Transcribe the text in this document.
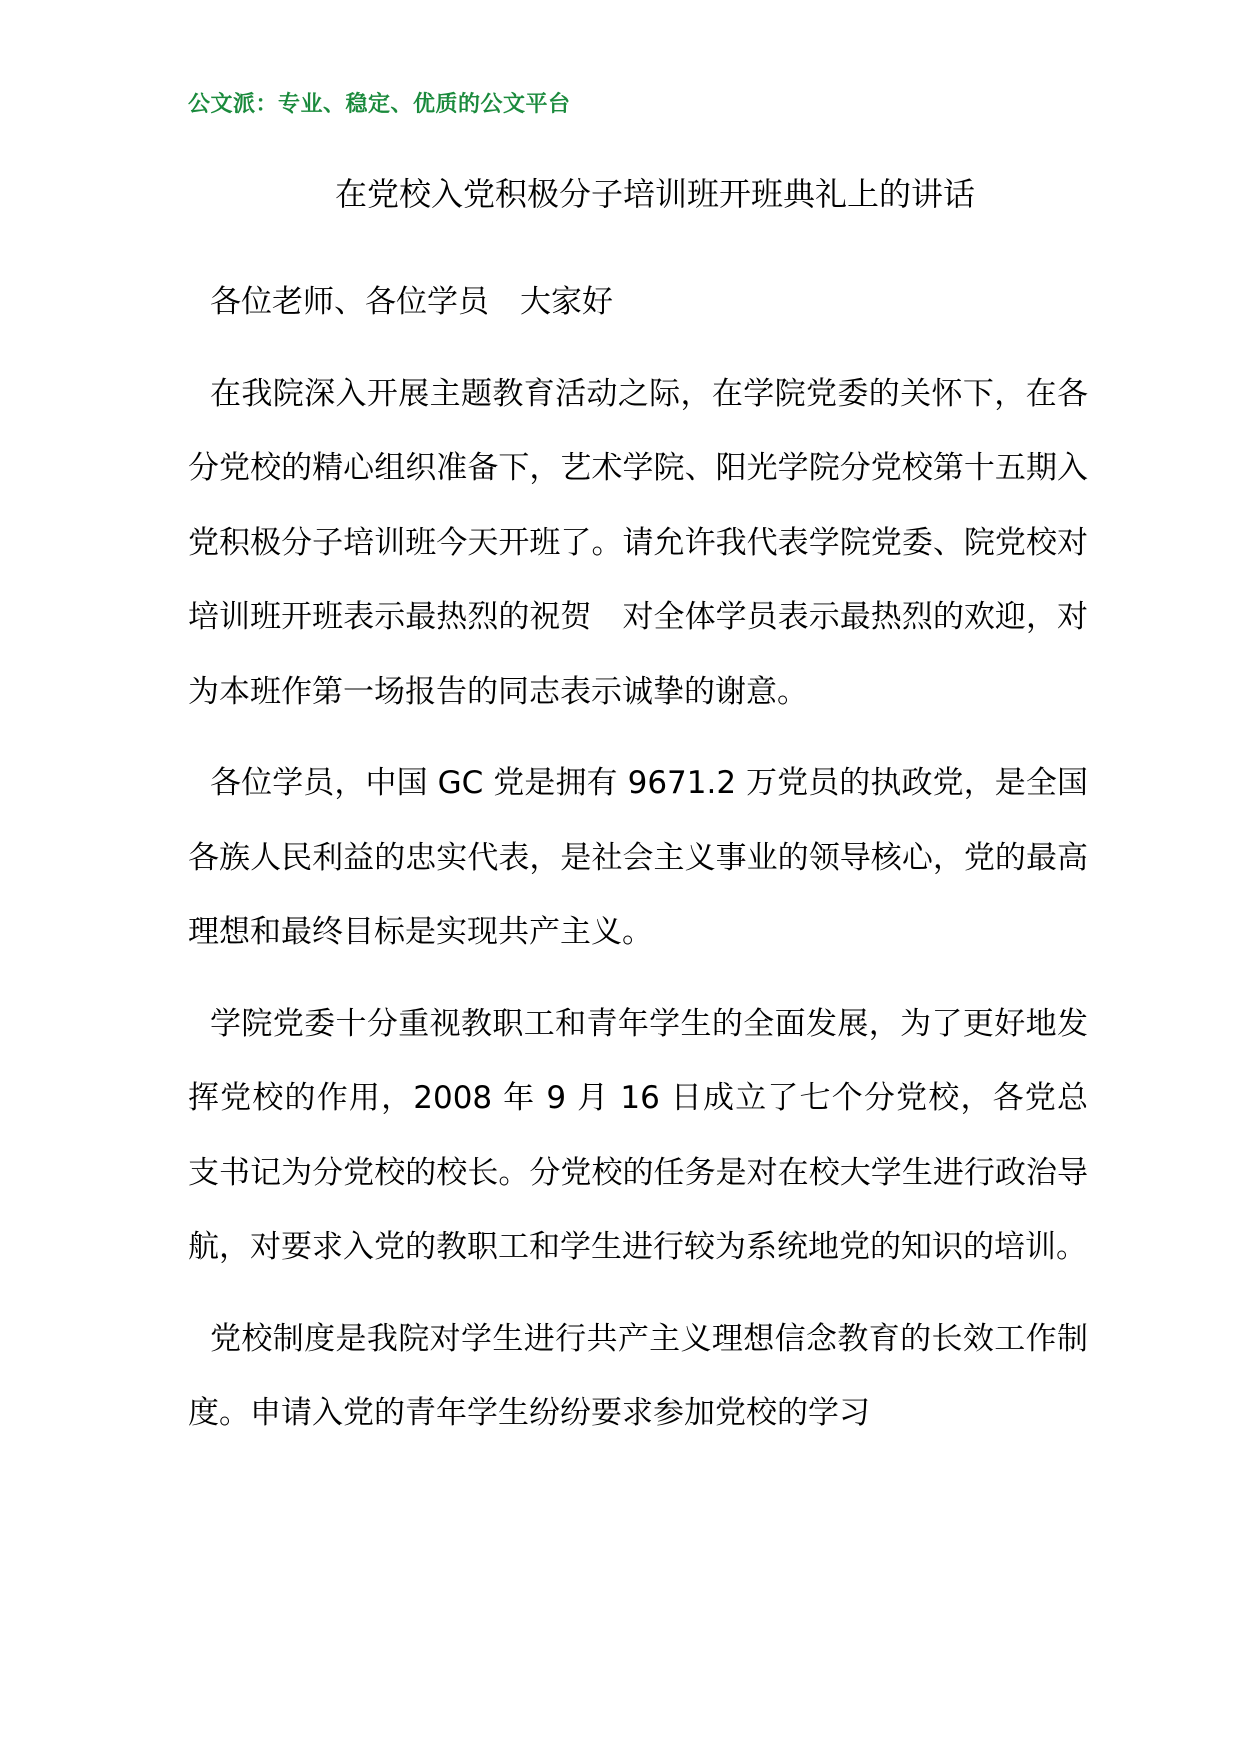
公文派：专业、稳定、优质的公文平台
在党校入党积极分子培训班开班典礼上的讲话

各位老师、各位学员　大家好

在我院深入开展主题教育活动之际，在学院党委的关怀下，在各分党校的精心组织准备下，艺术学院、阳光学院分党校第十五期入党积极分子培训班今天开班了。请允许我代表学院党委、院党校对培训班开班表示最热烈的祝贺　对全体学员表示最热烈的欢迎，对为本班作第一场报告的同志表示诚挚的谢意。

各位学员，中国 GC 党是拥有 9671.2 万党员的执政党，是全国各族人民利益的忠实代表，是社会主义事业的领导核心，党的最高理想和最终目标是实现共产主义。

学院党委十分重视教职工和青年学生的全面发展，为了更好地发挥党校的作用，2008 年 9 月 16 日成立了七个分党校，各党总支书记为分党校的校长。分党校的任务是对在校大学生进行政治导航，对要求入党的教职工和学生进行较为系统地党的知识的培训。

党校制度是我院对学生进行共产主义理想信念教育的长效工作制度。申请入党的青年学生纷纷要求参加党校的学习
